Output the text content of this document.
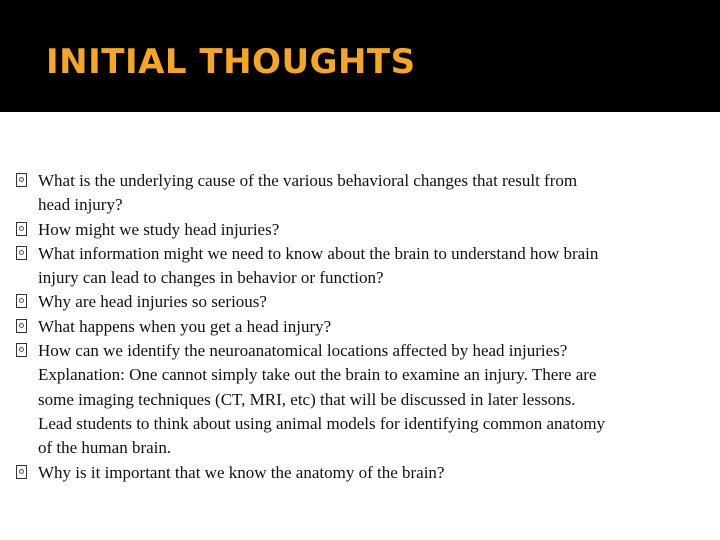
INITIAL THOUGHTS
What is the underlying cause of the various behavioral changes that result from
head injury?
How might we study head injuries?
What information might we need to know about the brain to understand how brain
injury can lead to changes in behavior or function?
Why are head injuries so serious?
What happens when you get a head injury?
How can we identify the neuroanatomical locations affected by head injuries?
Explanation: One cannot simply take out the brain to examine an injury. There are
some imaging techniques (CT, MRI, etc) that will be discussed in later lessons.
Lead students to think about using animal models for identifying common anatomy
of the human brain.
Why is it important that we know the anatomy of the brain?
